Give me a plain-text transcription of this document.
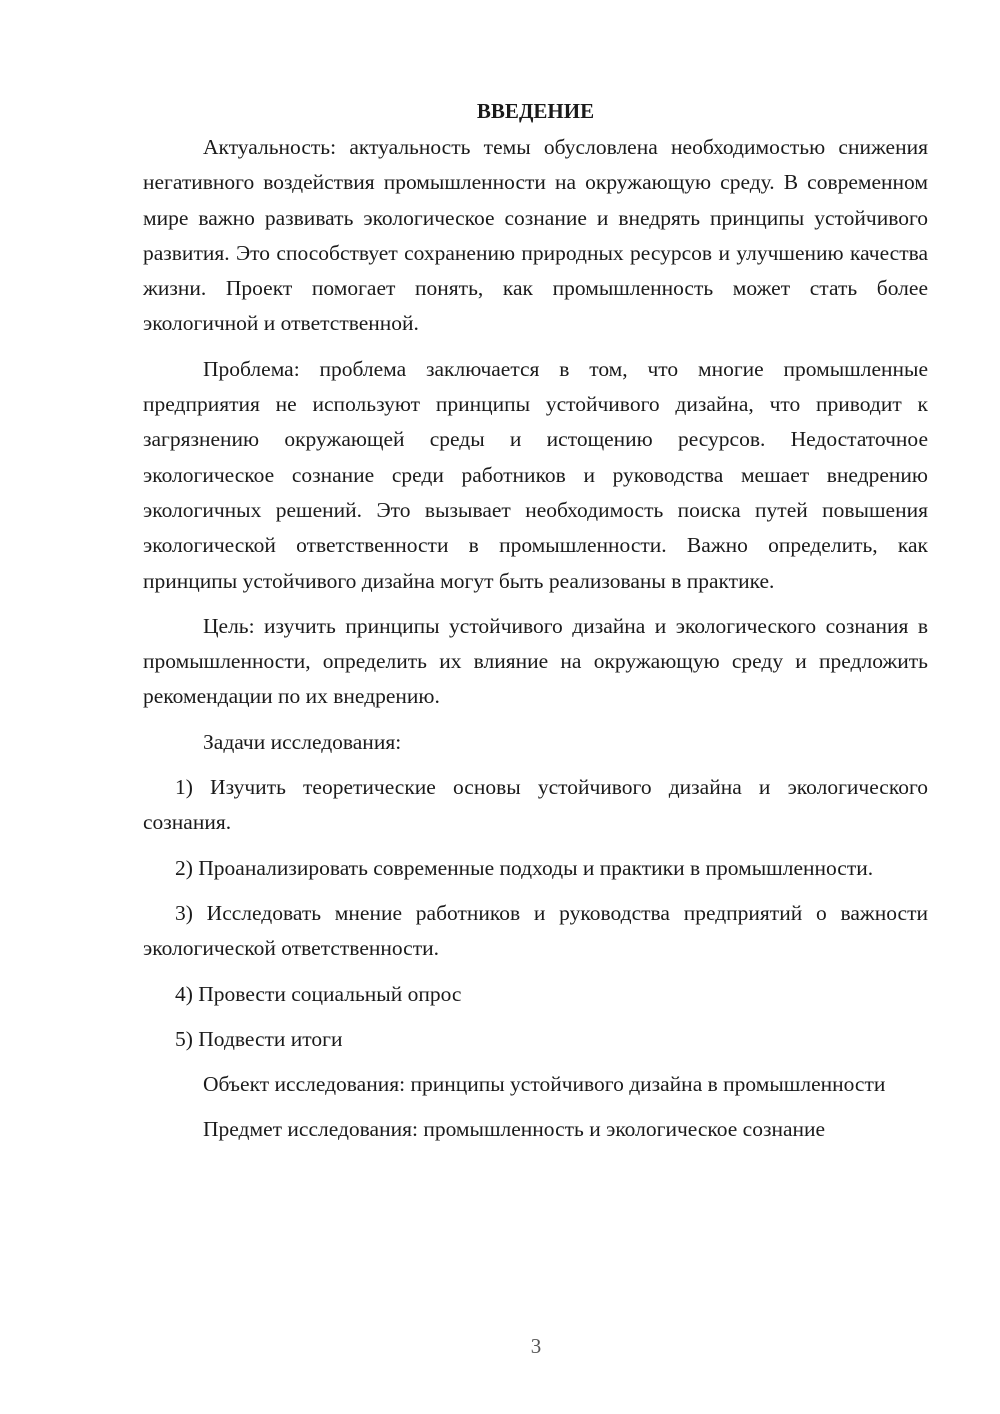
ВВЕДЕНИЕ

Актуальность: актуальность темы обусловлена необходимостью снижения негативного воздействия промышленности на окружающую среду. В современном мире важно развивать экологическое сознание и внедрять принципы устойчивого развития. Это способствует сохранению природных ресурсов и улучшению качества жизни. Проект помогает понять, как промышленность может стать более экологичной и ответственной.

Проблема: проблема заключается в том, что многие промышленные предприятия не используют принципы устойчивого дизайна, что приводит к загрязнению окружающей среды и истощению ресурсов. Недостаточное экологическое сознание среди работников и руководства мешает внедрению экологичных решений. Это вызывает необходимость поиска путей повышения экологической ответственности в промышленности. Важно определить, как принципы устойчивого дизайна могут быть реализованы в практике.

Цель: изучить принципы устойчивого дизайна и экологического сознания в промышленности, определить их влияние на окружающую среду и предложить рекомендации по их внедрению.

Задачи исследования:

1) Изучить теоретические основы устойчивого дизайна и экологического сознания.

2) Проанализировать современные подходы и практики в промышленности.

3) Исследовать мнение работников и руководства предприятий о важности экологической ответственности.

4) Провести социальный опрос

5) Подвести итоги

Объект исследования: принципы устойчивого дизайна в промышленности

Предмет исследования: промышленность и экологическое сознание

3
